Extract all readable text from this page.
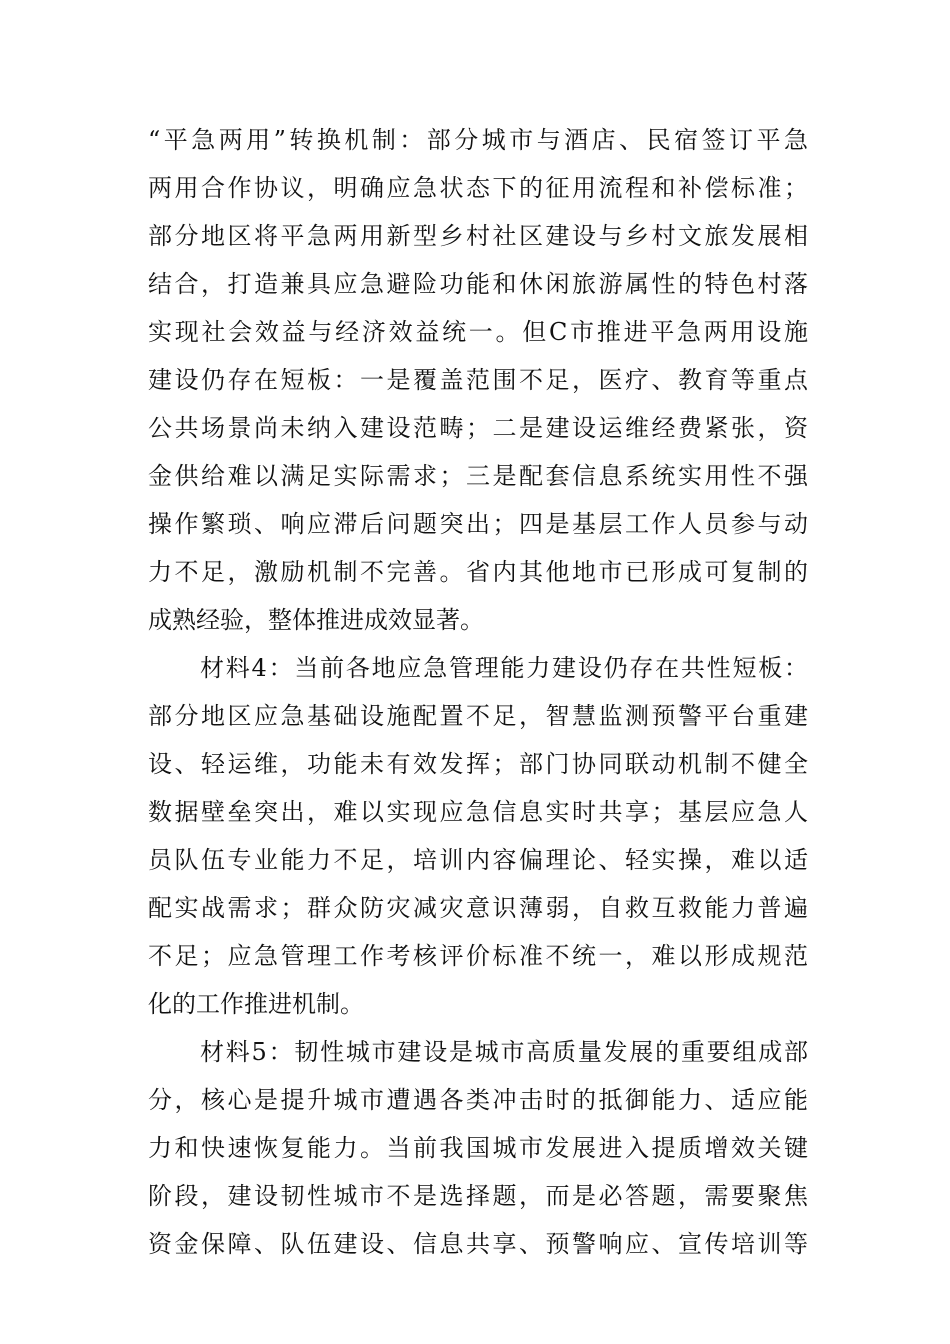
“平急两用”转换机制：部分城市与酒店、民宿签订平急
两用合作协议，明确应急状态下的征用流程和补偿标准；
部分地区将平急两用新型乡村社区建设与乡村文旅发展相
结合，打造兼具应急避险功能和休闲旅游属性的特色村落
实现社会效益与经济效益统一。但C市推进平急两用设施
建设仍存在短板：一是覆盖范围不足，医疗、教育等重点
公共场景尚未纳入建设范畴；二是建设运维经费紧张，资
金供给难以满足实际需求；三是配套信息系统实用性不强
操作繁琐、响应滞后问题突出；四是基层工作人员参与动
力不足，激励机制不完善。省内其他地市已形成可复制的
成熟经验，整体推进成效显著。
材料4：当前各地应急管理能力建设仍存在共性短板：
部分地区应急基础设施配置不足，智慧监测预警平台重建
设、轻运维，功能未有效发挥；部门协同联动机制不健全
数据壁垒突出，难以实现应急信息实时共享；基层应急人
员队伍专业能力不足，培训内容偏理论、轻实操，难以适
配实战需求；群众防灾减灾意识薄弱，自救互救能力普遍
不足；应急管理工作考核评价标准不统一，难以形成规范
化的工作推进机制。
材料5：韧性城市建设是城市高质量发展的重要组成部
分，核心是提升城市遭遇各类冲击时的抵御能力、适应能
力和快速恢复能力。当前我国城市发展进入提质增效关键
阶段，建设韧性城市不是选择题，而是必答题，需要聚焦
资金保障、队伍建设、信息共享、预警响应、宣传培训等
